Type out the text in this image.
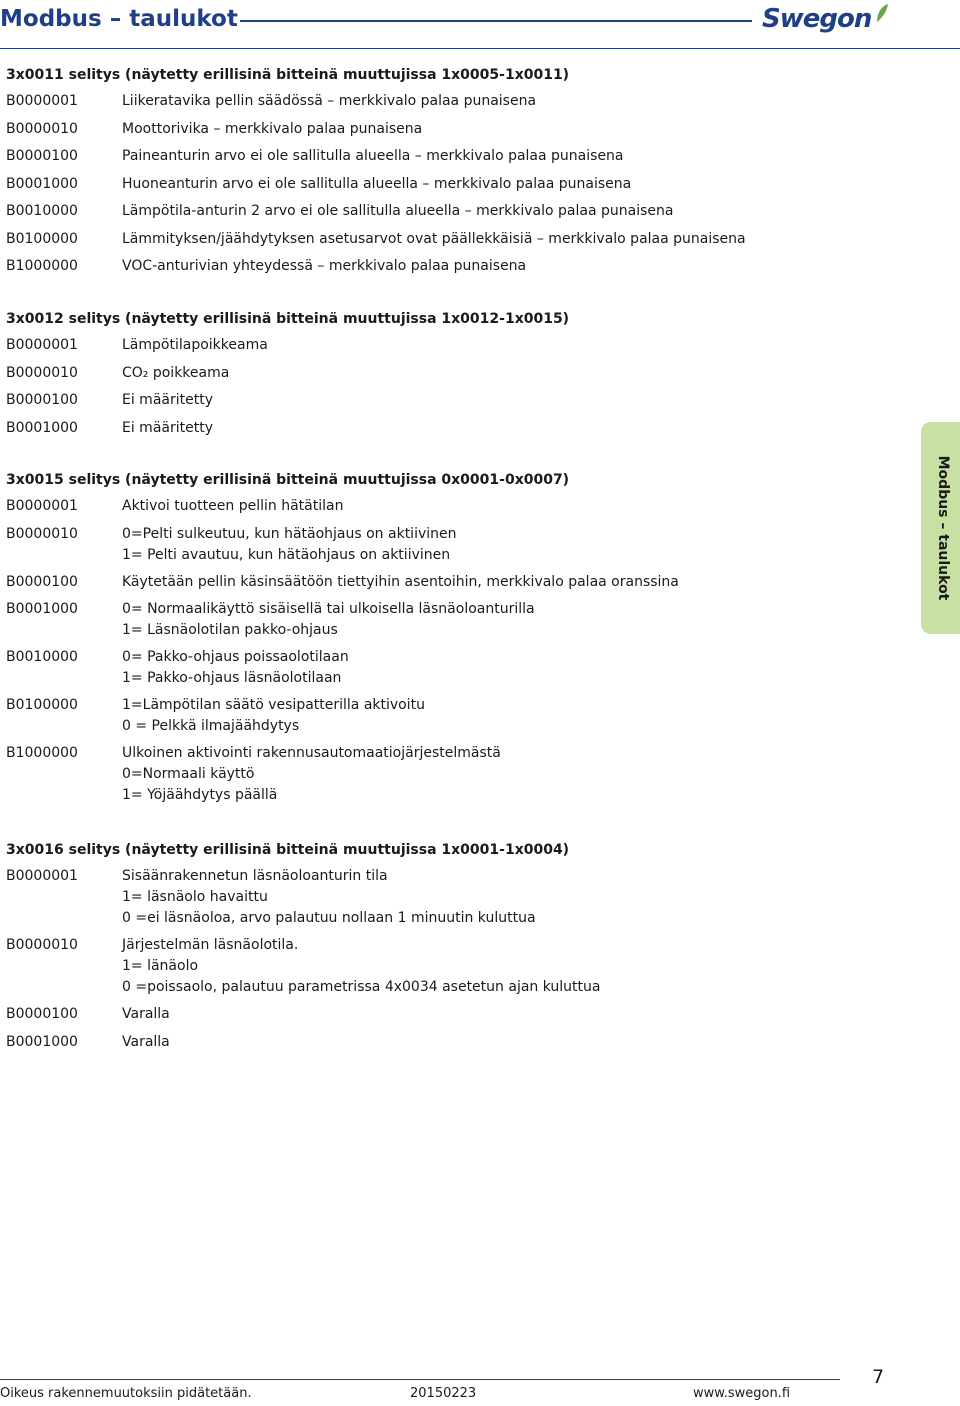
Modbus – taulukot	Swegon
3x0011 selitys (näytetty erillisinä bitteinä muuttujissa 1x0005-1x0011)
B0000001	Liikeratavika pellin säädössä – merkkivalo palaa punaisena
B0000010	Moottorivika – merkkivalo palaa punaisena
B0000100	Paineanturin arvo ei ole sallitulla alueella – merkkivalo palaa punaisena
B0001000	Huoneanturin arvo ei ole sallitulla alueella – merkkivalo palaa punaisena
B0010000	Lämpötila-anturin 2 arvo ei ole sallitulla alueella – merkkivalo palaa punaisena
B0100000	Lämmityksen/jäähdytyksen asetusarvot ovat päällekkäisiä – merkkivalo palaa punaisena
B1000000	VOC-anturivian yhteydessä – merkkivalo palaa punaisena
3x0012 selitys (näytetty erillisinä bitteinä muuttujissa 1x0012-1x0015)
B0000001	Lämpötilapoikkeama
B0000010	CO₂ poikkeama
B0000100	Ei määritetty
B0001000	Ei määritetty
3x0015 selitys (näytetty erillisinä bitteinä muuttujissa 0x0001-0x0007)
B0000001	Aktivoi tuotteen pellin hätätilan
B0000010	0=Pelti sulkeutuu, kun hätäohjaus on aktiivinen
1= Pelti avautuu, kun hätäohjaus on aktiivinen
B0000100	Käytetään pellin käsinsäätöön tiettyihin asentoihin, merkkivalo palaa oranssina
B0001000	0= Normaalikäyttö sisäisellä tai ulkoisella läsnäoloanturilla
1= Läsnäolotilan pakko-ohjaus
B0010000	0= Pakko-ohjaus poissaolotilaan
1= Pakko-ohjaus läsnäolotilaan
B0100000	1=Lämpötilan säätö vesipatterilla aktivoitu
0 = Pelkkä ilmajäähdytys
B1000000	Ulkoinen aktivointi rakennusautomaatiojärjestelmästä
0=Normaali käyttö
1= Yöjäähdytys päällä
3x0016 selitys (näytetty erillisinä bitteinä muuttujissa 1x0001-1x0004)
B0000001	Sisäänrakennetun läsnäoloanturin tila
1= läsnäolo havaittu
0 =ei läsnäoloa, arvo palautuu nollaan 1 minuutin kuluttua
B0000010	Järjestelmän läsnäolotila.
1= länäolo
0 =poissaolo, palautuu parametrissa 4x0034 asetetun ajan kuluttua
B0000100	Varalla
B0001000	Varalla
Modbus – taulukot
7
Oikeus rakennemuutoksiin pidätetään.	20150223	www.swegon.fi
